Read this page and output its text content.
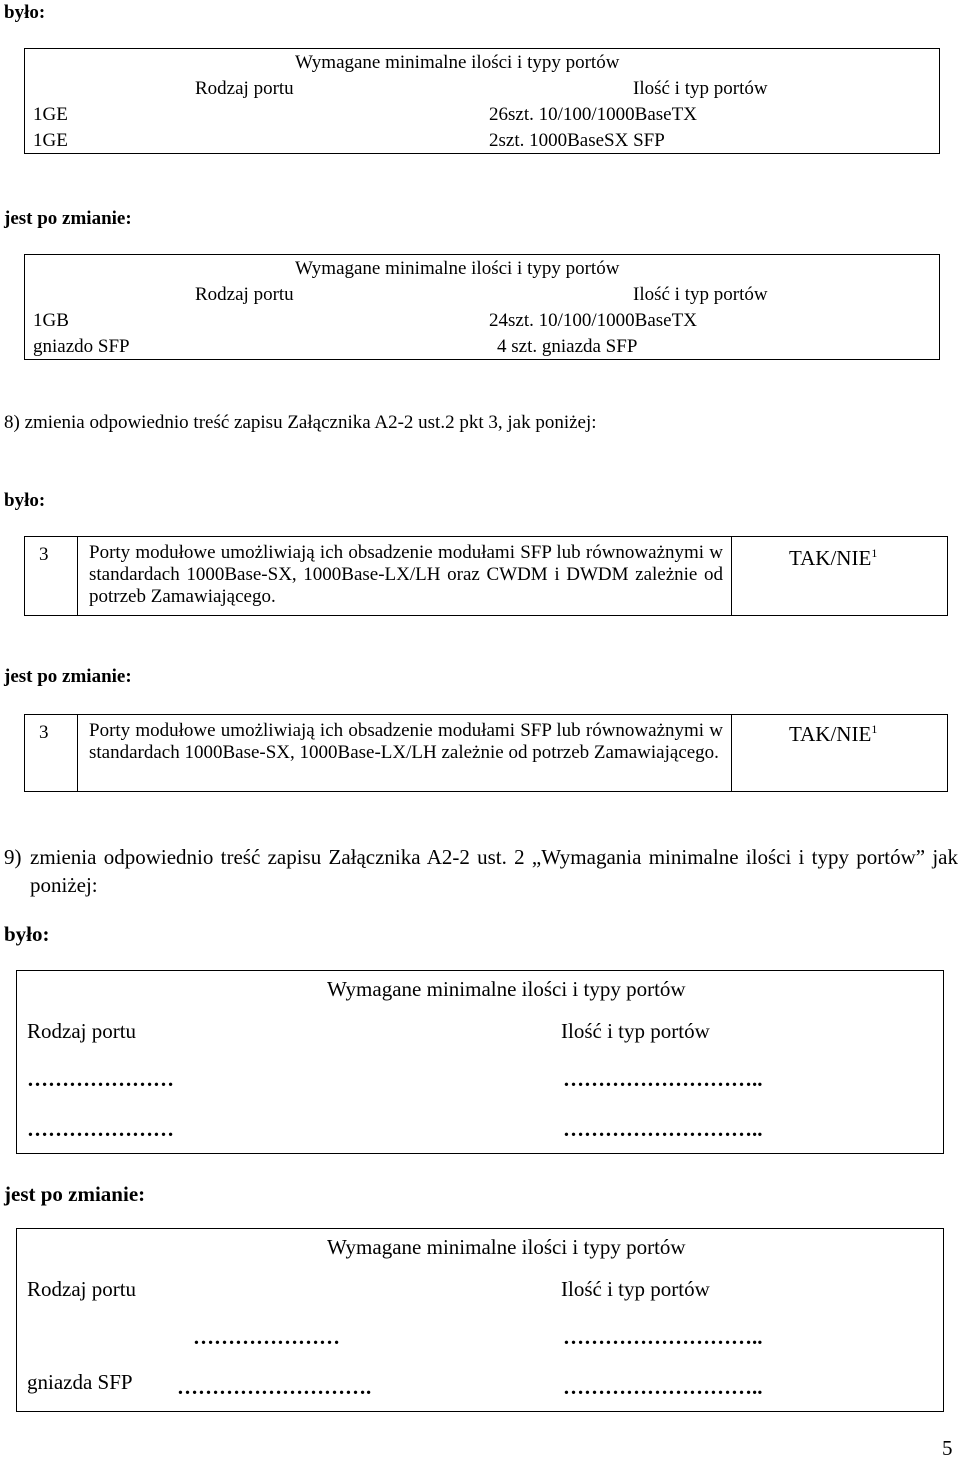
było:
Wymagane minimalne ilości i typy portów
Rodzaj portu	Ilość i typ portów
1GE	26szt. 10/100/1000BaseTX
1GE	2szt. 1000BaseSX SFP
jest po zmianie:
Wymagane minimalne ilości i typy portów
Rodzaj portu	Ilość i typ portów
1GB	24szt. 10/100/1000BaseTX
gniazdo SFP	4 szt. gniazda SFP
8) zmienia odpowiednio treść zapisu Załącznika A2-2 ust.2 pkt 3, jak poniżej:
było:
3 Porty modułowe umożliwiają ich obsadzenie modułami SFP lub równoważnymi w standardach 1000Base-SX, 1000Base-LX/LH oraz CWDM i DWDM zależnie od potrzeb Zamawiającego.
TAK/NIE$^1$
jest po zmianie:
3 Porty modułowe umożliwiają ich obsadzenie modułami SFP lub równoważnymi w standardach 1000Base-SX, 1000Base-LX/LH zależnie od potrzeb Zamawiającego.
TAK/NIE$^1$
9) zmienia odpowiednio treść zapisu Załącznika A2-2 ust. 2 „Wymagania minimalne ilości i typy portów” jak poniżej:
było:
Wymagane minimalne ilości i typy portów
Rodzaj portu	Ilość i typ portów
…………………	………………………..
…………………	………………………..
jest po zmianie:
Wymagane minimalne ilości i typy portów
Rodzaj portu	Ilość i typ portów
…………………	………………………..
gniazda SFP ……………………….	………………………..
5
